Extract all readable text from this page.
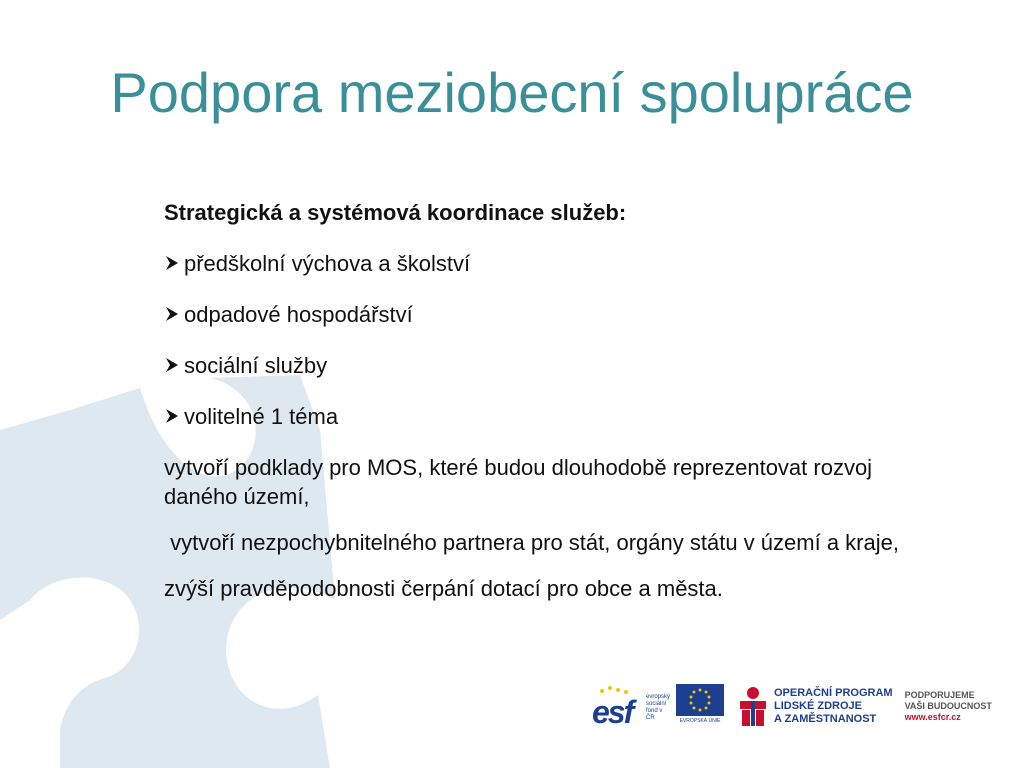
Podpora meziobecní spolupráce
Strategická a systémová koordinace služeb:
předškolní výchova a školství
odpadové hospodářství
sociální služby
volitelné 1 téma
vytvoří podklady pro MOS, které budou dlouhodobě reprezentovat rozvoj daného území,
vytvoří nezpochybnitelného partnera pro stát, orgány státu v území a kraje,
zvýší pravděpodobnosti čerpání dotací pro obce a města.
esf evropský
sociální
fond v ČR	EVROPSKÁ UNIE
OPERAČNÍ PROGRAM
LIDSKÉ ZDROJE
A ZAMĚSTNANOST
PODPORUJEME
VAŠI BUDOUCNOST
www.esfcr.cz
